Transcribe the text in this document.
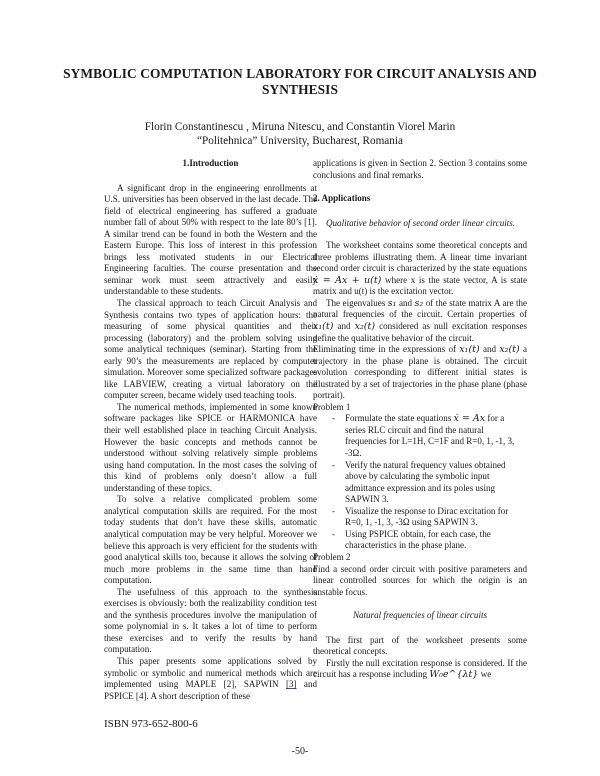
SYMBOLIC COMPUTATION LABORATORY FOR CIRCUIT ANALYSIS AND SYNTHESIS
Florin Constantinescu , Miruna Nitescu, and Constantin Viorel Marin
“Politehnica” University, Bucharest, Romania
1.Introduction

A significant drop in the engineering enrollments at U.S. universities has been observed in the last decade. The field of electrical engineering has suffered a graduate number fall of about 50% with respect to the late 80’s [1]. A similar trend can be found in both the Western and the Eastern Europe. This loss of interest in this profession brings less motivated students in our Electrical Engineering faculties. The course presentation and the seminar work must seem attractively and easily understandable to these students.

The classical approach to teach Circuit Analysis and Synthesis contains two types of application hours: the measuring of some physical quantities and their processing (laboratory) and the problem solving using some analytical techniques (seminar). Starting from the early 90’s the measurements are replaced by computer simulation. Moreover some specialized software packages like LABVIEW, creating a virtual laboratory on the computer screen, became widely used teaching tools.

The numerical methods, implemented in some known software packages like SPICE or HARMONICA have their well established place in teaching Circuit Analysis. However the basic concepts and methods cannot be understood without solving relatively simple problems using hand computation. In the most cases the solving of this kind of problems only doesn’t allow a full understanding of these topics.

To solve a relative complicated problem some analytical computation skills are required. For the most today students that don’t have these skills, automatic analytical computation may be very helpful. Moreover we believe this approach is very efficient for the students with good analytical skills too, because it allows the solving of much more problems in the same time than hand computation.

The usefulness of this approach to the synthesis exercises is obviously: both the realizability condition test and the synthesis procedures involve the manipulation of some polynomial in s. It takes a lot of time to perform these exercises and to verify the results by hand computation.

This paper presents some applications solved by symbolic or symbolic and numerical methods which are implemented using MAPLE [2], SAPWIN [3] and PSPICE [4]. A short description of these

applications is given in Section 2. Section 3 contains some conclusions and final remarks.

2. Applications

Qualitative behavior of second order linear circuits.

The worksheet contains some theoretical concepts and three problems illustrating them. A linear time invariant second order circuit is characterized by the state equations ẋ = Ax + u(t) where x is the state vector, A is state matrix and u(t) is the excitation vector.

The eigenvalues s₁ and s₂ of the state matrix A are the natural frequencies of the circuit. Certain properties of x₁(t) and x₂(t) considered as null excitation responses define the qualitative behavior of the circuit.

Eliminating time in the expressions of x₁(t) and x₂(t) a trajectory in the phase plane is obtained. The circuit evolution corresponding to different initial states is illustrated by a set of trajectories in the phase plane (phase portrait).

Problem 1
- Formulate the state equations ẋ = Ax for a series RLC circuit and find the natural frequencies for L=1H, C=1F and R=0, 1, -1, 3, -3Ω.
- Verify the natural frequency values obtained above by calculating the symbolic input admittance expression and its poles using SAPWIN 3.
- Visualize the response to Dirac excitation for R=0, 1, -1, 3, -3Ω using SAPWIN 3.
- Using PSPICE obtain, for each case, the characteristics in the phase plane.
Problem 2

Find a second order circuit with positive parameters and linear controlled sources for which the origin is an unstable focus.

Natural frequencies of linear circuits

The first part of the worksheet presents some theoretical concepts.

Firstly the null excitation response is considered. If the circuit has a response including W₀e^{λt} we

ISBN 973-652-800-6
-50-
